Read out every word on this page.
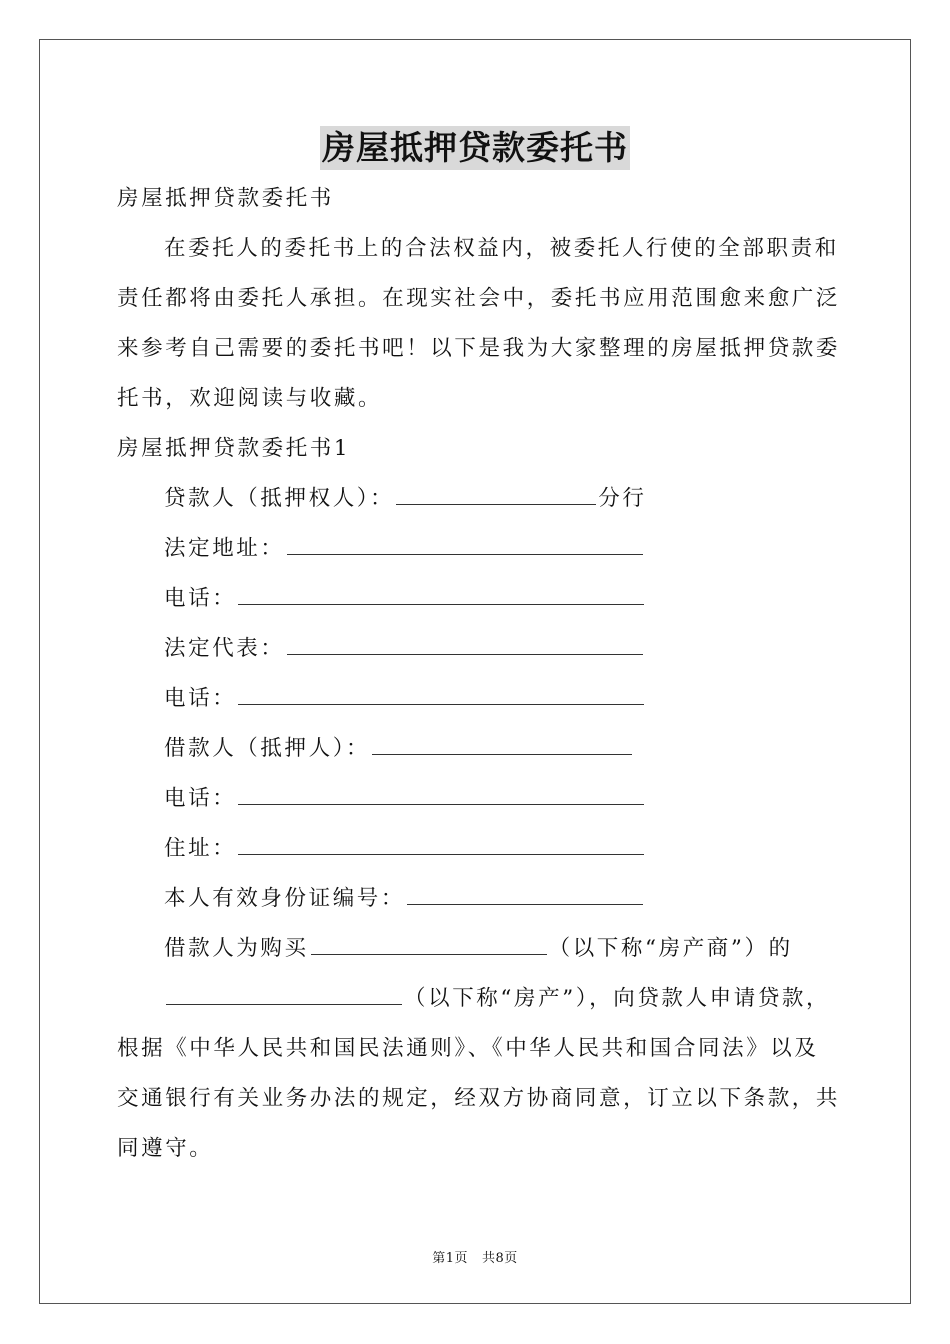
房屋抵押贷款委托书
房屋抵押贷款委托书
在委托人的委托书上的合法权益内，被委托人行使的全部职责和
责任都将由委托人承担。在现实社会中，委托书应用范围愈来愈广泛
来参考自己需要的委托书吧！以下是我为大家整理的房屋抵押贷款委
托书，欢迎阅读与收藏。
房屋抵押贷款委托书1
贷款人（抵押权人）：	分行
法定地址：
电话：
法定代表：
电话：
借款人（抵押人）：
电话：
住址：
本人有效身份证编号：
借款人为购买	（以下称“房产商”）的
（以下称“房产”），向贷款人申请贷款，
根据《中华人民共和国民法通则》、《中华人民共和国合同法》以及
交通银行有关业务办法的规定，经双方协商同意，订立以下条款，共
同遵守。
第1页 共8页
